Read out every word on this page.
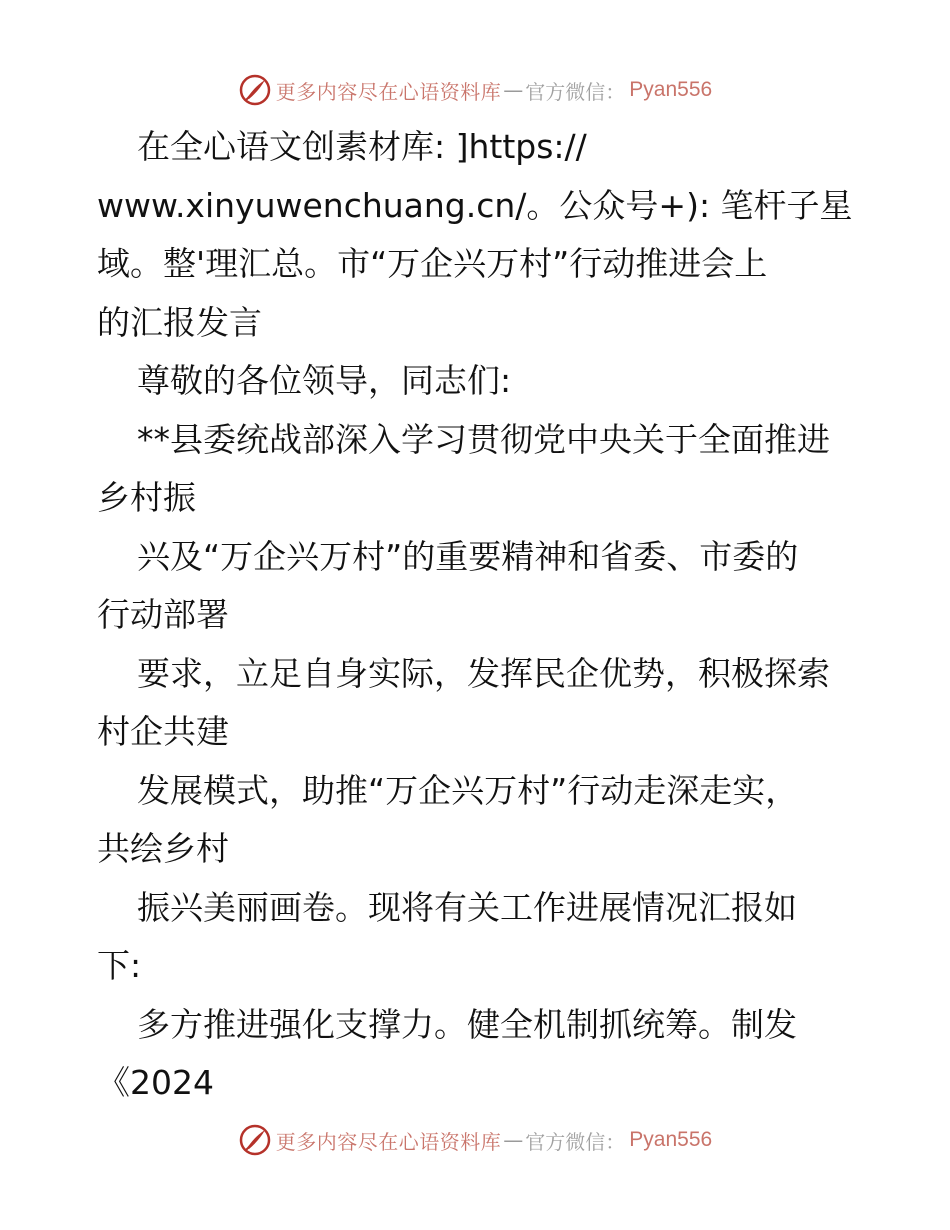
更多内容尽在心语资料库 — 官方微信： Pyan556
在全心语文创素材库: ]https://
www.xinyuwenchuang.cn/。公众号+): 笔杆子星
域。整'理汇总。市“万企兴万村”行动推进会上
的汇报发言
尊敬的各位领导，同志们:
**县委统战部深入学习贯彻党中央关于全面推进
乡村振
兴及“万企兴万村”的重要精神和省委、市委的
行动部署
要求，立足自身实际，发挥民企优势，积极探索
村企共建
发展模式，助推“万企兴万村”行动走深走实，
共绘乡村
振兴美丽画卷。现将有关工作进展情况汇报如
下:
多方推进强化支撑力。健全机制抓统筹。制发
《2024
更多内容尽在心语资料库 — 官方微信： Pyan556
